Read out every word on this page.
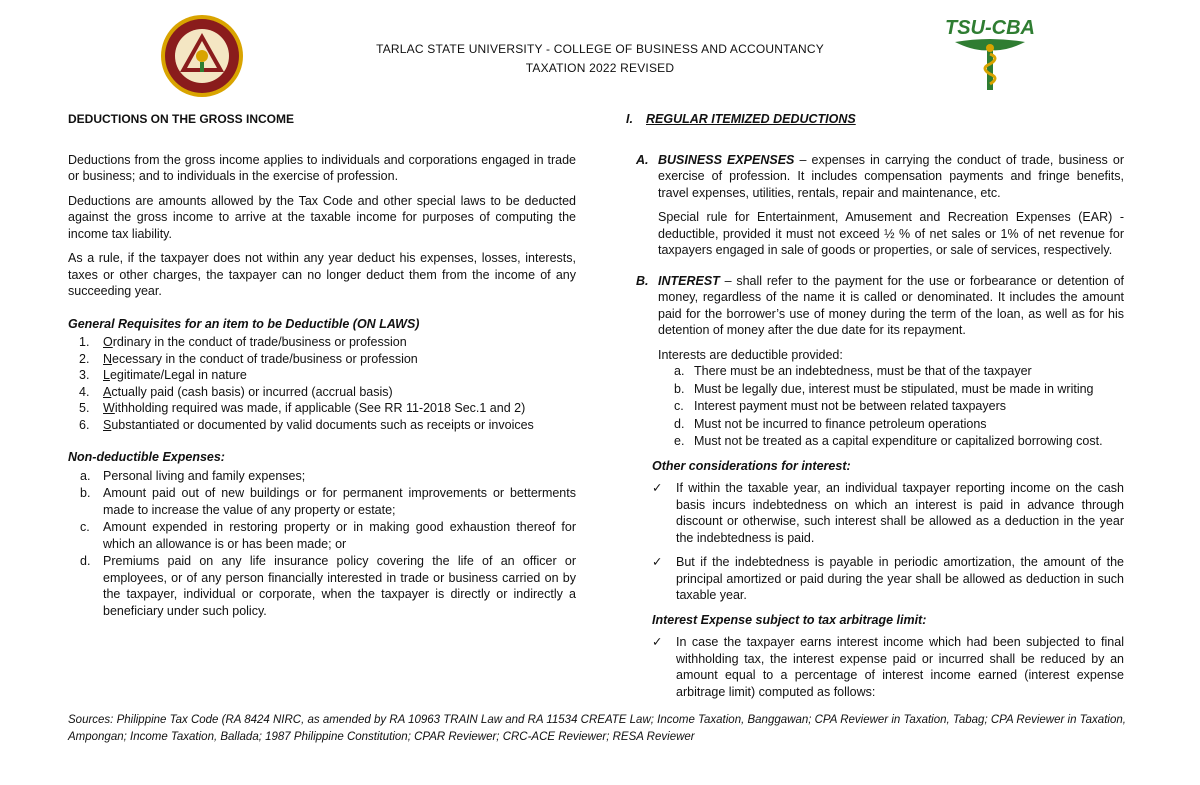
TSU-CBA
TARLAC STATE UNIVERSITY - COLLEGE OF BUSINESS AND ACCOUNTANCY
TAXATION 2022 REVISED
DEDUCTIONS ON THE GROSS INCOME

Deductions from the gross income applies to individuals and corporations engaged in trade or business; and to individuals in the exercise of profession.

Deductions are amounts allowed by the Tax Code and other special laws to be deducted against the gross income to arrive at the taxable income for purposes of computing the income tax liability.

As a rule, if the taxpayer does not within any year deduct his expenses, losses, interests, taxes or other charges, the taxpayer can no longer deduct them from the income of any succeeding year.

General Requisites for an item to be Deductible (ON LAWS)
1. Ordinary in the conduct of trade/business or profession
2. Necessary in the conduct of trade/business or profession
3. Legitimate/Legal in nature
4. Actually paid (cash basis) or incurred (accrual basis)
5. Withholding required was made, if applicable (See RR 11-2018 Sec.1 and 2)
6. Substantiated or documented by valid documents such as receipts or invoices
Non-deductible Expenses:
a. Personal living and family expenses;
b. Amount paid out of new buildings or for permanent improvements or betterments made to increase the value of any property or estate;
c. Amount expended in restoring property or in making good exhaustion thereof for which an allowance is or has been made; or
d. Premiums paid on any life insurance policy covering the life of an officer or employees, or of any person financially interested in trade or business carried on by the taxpayer, individual or corporate, when the taxpayer is directly or indirectly a beneficiary under such policy.
I. REGULAR ITEMIZED DEDUCTIONS
A. BUSINESS EXPENSES – expenses in carrying the conduct of trade, business or exercise of profession. It includes compensation payments and fringe benefits, travel expenses, utilities, rentals, repair and maintenance, etc.

Special rule for Entertainment, Amusement and Recreation Expenses (EAR) - deductible, provided it must not exceed ½ % of net sales or 1% of net revenue for taxpayers engaged in sale of goods or properties, or sale of services, respectively.

B. INTEREST – shall refer to the payment for the use or forbearance or detention of money, regardless of the name it is called or denominated. It includes the amount paid for the borrower’s use of money during the term of the loan, as well as for his detention of money after the due date for its repayment.
Interests are deductible provided:
a. There must be an indebtedness, must be that of the taxpayer
b. Must be legally due, interest must be stipulated, must be made in writing
c. Interest payment must not be between related taxpayers
d. Must not be incurred to finance petroleum operations
e. Must not be treated as a capital expenditure or capitalized borrowing cost.
Other considerations for interest:
✓ If within the taxable year, an individual taxpayer reporting income on the cash basis incurs indebtedness on which an interest is paid in advance through discount or otherwise, such interest shall be allowed as a deduction in the year the indebtedness is paid.
✓ But if the indebtedness is payable in periodic amortization, the amount of the principal amortized or paid during the year shall be allowed as deduction in such taxable year.
Interest Expense subject to tax arbitrage limit:
✓ In case the taxpayer earns interest income which had been subjected to final withholding tax, the interest expense paid or incurred shall be reduced by an amount equal to a percentage of interest income earned (interest expense arbitrage limit) computed as follows:
Sources: Philippine Tax Code (RA 8424 NIRC, as amended by RA 10963 TRAIN Law and RA 11534 CREATE Law; Income Taxation, Banggawan; CPA Reviewer in Taxation, Tabag; CPA Reviewer in Taxation, Ampongan; Income Taxation, Ballada; 1987 Philippine Constitution; CPAR Reviewer; CRC-ACE Reviewer; RESA Reviewer
